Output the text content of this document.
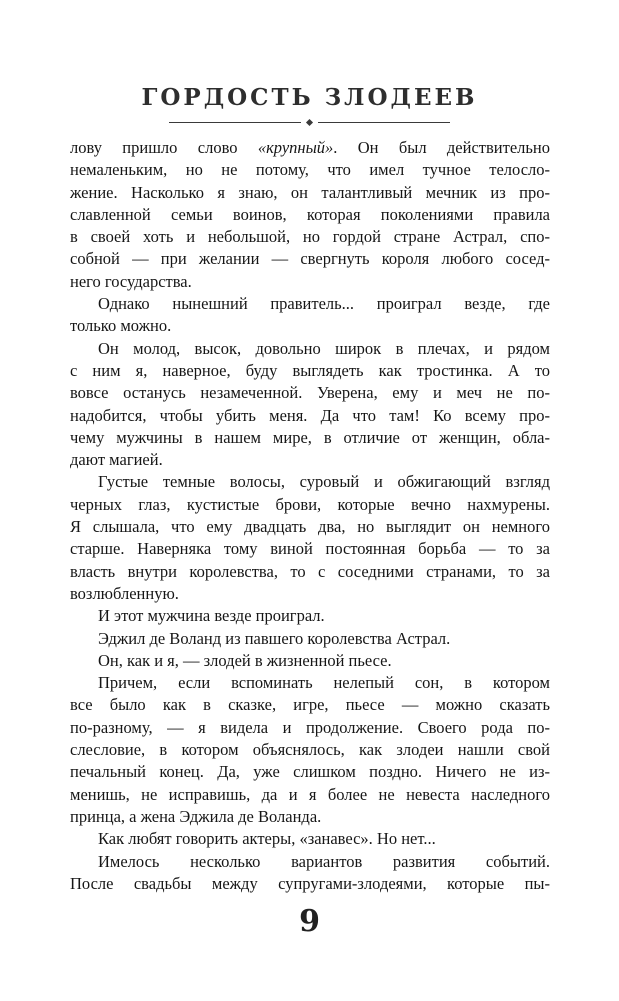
ГОРДОСТЬ ЗЛОДЕЕВ
лову пришло слово «крупный». Он был действительно
немаленьким, но не потому, что имел тучное телосло-
жение. Насколько я знаю, он талантливый мечник из про-
славленной семьи воинов, которая поколениями правила
в своей хоть и небольшой, но гордой стране Астрал, спо-
собной — при желании — свергнуть короля любого сосед-
него государства.
Однако нынешний правитель... проиграл везде, где
только можно.
Он молод, высок, довольно широк в плечах, и рядом
с ним я, наверное, буду выглядеть как тростинка. А то
вовсе останусь незамеченной. Уверена, ему и меч не по-
надобится, чтобы убить меня. Да что там! Ко всему про-
чему мужчины в нашем мире, в отличие от женщин, обла-
дают магией.
Густые темные волосы, суровый и обжигающий взгляд
черных глаз, кустистые брови, которые вечно нахмурены.
Я слышала, что ему двадцать два, но выглядит он немного
старше. Наверняка тому виной постоянная борьба — то за
власть внутри королевства, то с соседними странами, то за
возлюбленную.
И этот мужчина везде проиграл.
Эджил де Воланд из павшего королевства Астрал.
Он, как и я, — злодей в жизненной пьесе.
Причем, если вспоминать нелепый сон, в котором
все было как в сказке, игре, пьесе — можно сказать
по-разному, — я видела и продолжение. Своего рода по-
слесловие, в котором объяснялось, как злодеи нашли свой
печальный конец. Да, уже слишком поздно. Ничего не из-
менишь, не исправишь, да и я более не невеста наследного
принца, а жена Эджила де Воланда.
Как любят говорить актеры, «занавес». Но нет...
Имелось несколько вариантов развития событий.
После свадьбы между супругами-злодеями, которые пы-
9
